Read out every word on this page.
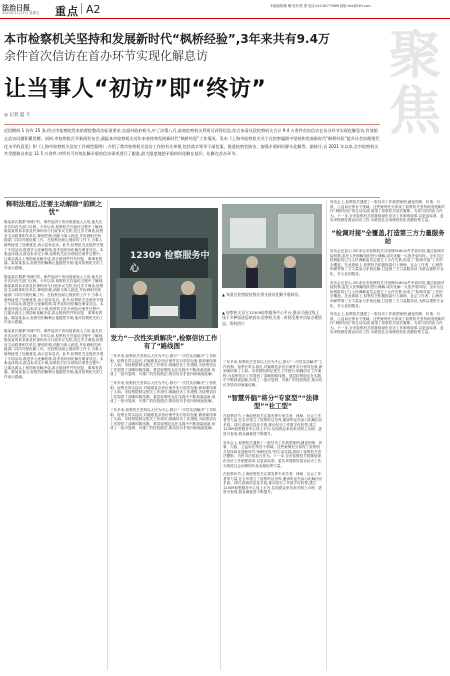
法治日报
2024年1月12日 星期五 重点 A2	本版编辑/陈 曦 校对/张 蕾 电话:010-84772888 邮箱:fzrb@163.com
本市检察机关坚持和发展新时代“枫桥经验”,3年来共有9.4万
余件首次信访在首办环节实现化解息访
让当事人“初访”即“终访”
◎ 记者 夏 天
聚焦
近段期间 1 份有 25 条,经过市检察院发来的督促整改法标准要求,在面对政府机关,中了决策八月,高效检察机关利用可获得信息,综合来看这段检察机关合计 9.4 万余件首次信访在首办环节实现化解息访,有效防止信访问题积累发酵。同时,市检察院召开新闻发布会,通报本市检察机关近年来坚持和发展新时代“枫桥经验”工作情况。发布《上海市检察机关关于在检察履职中坚持和发展新时代“枫桥经验”提升社会治理现代化水平的意见》和《上海市检察机关信访工作典型案例》,介绍了我市检察机关信访工作的有关举措,包括落实领导干部包案、推进检察官接访、加强矛盾纠纷源头化解等。据统计,自 2021 年以来,全市检察机关共受理群众来信 11.5 万余件,对所有可有效化解矛盾的信访事项进行了跟进,最大限度地把矛盾纠纷化解在基层、化解在首办环节。
释明法理后,还要主动解除“前顾之忧”
陈某某长期系“职职”的。事件起因于该房屋被他人占用,他先后多次向有关部门反映。今年以来,检察机关在接访过程中了解到,陈某某的诉求涉及民事纠纷与行政争议交织,经过多方调查,检察官主动联系相关单位,释明法理,消除当事人顾虑,并协调相关职能部门共同开展化解工作。在检察官耐心细致的工作下,当事人最终接受了处理意见,表示息诉息访。此外,检察机关还组织开展了专项活动,推进多元化解机制,将矛盾纠纷化解在萌芽状态。本案也体现出,群众诉求无小事,检察机关在办理信访案件过程中,注重从源头上预防和化解矛盾,真正做到件件有回复、事事有着落。陈某某表示,检察官的解释让他豁然开朗,他对检察机关的工作表示感谢。
陈某某长期系“职职”的。事件起因于该房屋被他人占用,他先后多次向有关部门反映。今年以来,检察机关在接访过程中了解到,陈某某的诉求涉及民事纠纷与行政争议交织,经过多方调查,检察官主动联系相关单位,释明法理,消除当事人顾虑,并协调相关职能部门共同开展化解工作。在检察官耐心细致的工作下,当事人最终接受了处理意见,表示息诉息访。此外,检察机关还组织开展了专项活动,推进多元化解机制,将矛盾纠纷化解在萌芽状态。本案也体现出,群众诉求无小事,检察机关在办理信访案件过程中,注重从源头上预防和化解矛盾,真正做到件件有回复、事事有着落。陈某某表示,检察官的解释让他豁然开朗,他对检察机关的工作表示感谢。
陈某某长期系“职职”的。事件起因于该房屋被他人占用,他先后多次向有关部门反映。今年以来,检察机关在接访过程中了解到,陈某某的诉求涉及民事纠纷与行政争议交织,经过多方调查,检察官主动联系相关单位,释明法理,消除当事人顾虑,并协调相关职能部门共同开展化解工作。在检察官耐心细致的工作下,当事人最终接受了处理意见,表示息诉息访。此外,检察机关还组织开展了专项活动,推进多元化解机制,将矛盾纠纷化解在萌芽状态。本案也体现出,群众诉求无小事,检察机关在办理信访案件过程中,注重从源头上预防和化解矛盾,真正做到件件有回复、事事有着落。陈某某表示,检察官的解释让他豁然开朗,他对检察机关的工作表示感谢。
12309 检察服务中心
▲ 奉贤区检察院检察长带头接访化解矛盾纠纷。
▲ 检察机关设立12309检察服务中心平台,群众可通过线上线下多种渠道反映诉求,检察机关第一时间受理并回复办理情况。资料图片
发力“一次性实质解决”,检察信访工作有了“路线图”
三年多来,检察机关坚持以人民为中心,推行“一次性实质解决”工作机制。检察长带头接访,对疑难复杂信访案件实行领导包案,做到案结事了人和。市检察院制定相关工作指引,明确信访工作流程,为检察信访工作提供了清晰的路线图。基层检察院也在实践中不断探索创新,形成了一批可复制、可推广的经验做法,推动信访矛盾纠纷就地化解。
三年多来,检察机关坚持以人民为中心,推行“一次性实质解决”工作机制。检察长带头接访,对疑难复杂信访案件实行领导包案,做到案结事了人和。市检察院制定相关工作指引,明确信访工作流程,为检察信访工作提供了清晰的路线图。基层检察院也在实践中不断探索创新,形成了一批可复制、可推广的经验做法,推动信访矛盾纠纷就地化解。
三年多来,检察机关坚持以人民为中心,推行“一次性实质解决”工作机制。检察长带头接访,对疑难复杂信访案件实行领导包案,做到案结事了人和。市检察院制定相关工作指引,明确信访工作流程,为检察信访工作提供了清晰的路线图。基层检察院也在实践中不断探索创新,形成了一批可复制、可推广的经验做法,推动信访矛盾纠纷就地化解。
三年多来,检察机关坚持以人民为中心,推行“一次性实质解决”工作机制。检察长带头接访,对疑难复杂信访案件实行领导包案,做到案结事了人和。市检察院制定相关工作指引,明确信访工作流程,为检察信访工作提供了清晰的路线图。基层检察院也在实践中不断探索创新,形成了一批可复制、可推广的经验做法,推动信访矛盾纠纷就地化解。
“智慧外脑”将分“专家型”“法律型”“社工型”
在检察环节,上海检察机关注重发挥专家学者、律师、社会工作者等力量,在全市建立了检察听证员库,邀请听证员参与化解信访矛盾。同时,借助信息化手段,推动信访工作数字化转型,建立12309检察服务中心线上平台,实现群众来信来访网上办理、进度可查询,群众满意度不断提升。
发布会上,检察机关通报了一批信访工作典型案例,涵盖刑事、民事、行政、公益诉讼等各个领域。这些案例充分体现了检察机关坚持和发展新时代“枫桥经验”的生动实践,展现了检察机关依法履职、为民司法的担当作为。下一步,全市检察机关将继续深化信访工作制度改革,以更高标准、更实举措做好群众信访工作,为推进社会治理现代化贡献检察力量。
在检察环节,上海检察机关注重发挥专家学者、律师、社会工作者等力量,在全市建立了检察听证员库,邀请听证员参与化解信访矛盾。同时,借助信息化手段,推动信访工作数字化转型,建立12309检察服务中心线上平台,实现群众来信来访网上办理、进度可查询,群众满意度不断提升。
发布会上,检察机关通报了一批信访工作典型案例,涵盖刑事、民事、行政、公益诉讼等各个领域。这些案例充分体现了检察机关坚持和发展新时代“枫桥经验”的生动实践,展现了检察机关依法履职、为民司法的担当作为。下一步,全市检察机关将继续深化信访工作制度改革,以更高标准、更实举措做好群众信访工作,为推进社会治理现代化贡献检察力量。
“检调对接”全覆盖,打造第三方力量服务站
发布会还显示,3年来全市检察机关共受理5180余件矛盾纠纷,通过检调对接机制,委托人民调解组织进行调解,成功化解一大批矛盾纠纷。全市各区检察院均已与人民调解委员会建立了合作关系,形成了“检调对接”工作的全覆盖。在此基础上,检察机关积极探索引入律师、社会工作者、心理咨询师等第三方力量参与矛盾化解,打造第三方力量服务站,为群众提供专业化、多元化的服务。
发布会还显示,3年来全市检察机关共受理5180余件矛盾纠纷,通过检调对接机制,委托人民调解组织进行调解,成功化解一大批矛盾纠纷。全市各区检察院均已与人民调解委员会建立了合作关系,形成了“检调对接”工作的全覆盖。在此基础上,检察机关积极探索引入律师、社会工作者、心理咨询师等第三方力量参与矛盾化解,打造第三方力量服务站,为群众提供专业化、多元化的服务。
发布会上,检察机关通报了一批信访工作典型案例,涵盖刑事、民事、行政、公益诉讼等各个领域。这些案例充分体现了检察机关坚持和发展新时代“枫桥经验”的生动实践,展现了检察机关依法履职、为民司法的担当作为。下一步,全市检察机关将继续深化信访工作制度改革,以更高标准、更实举措做好群众信访工作,为推进社会治理现代化贡献检察力量。
